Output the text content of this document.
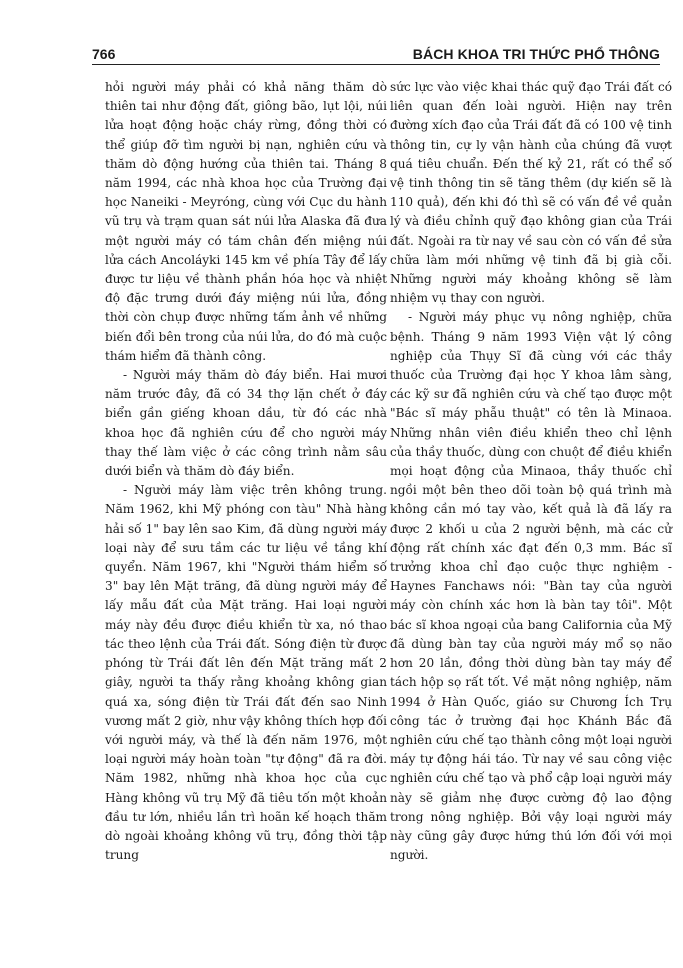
766	BÁCH KHOA TRI THỨC PHỔ THÔNG

hỏi người máy phải có khả năng thăm dò thiên tai như động đất, giông bão, lụt lội, núi lửa hoạt động hoặc cháy rừng, đồng thời có thể giúp đỡ tìm người bị nạn, nghiên cứu và thăm dò động hướng của thiên tai. Tháng 8 năm 1994, các nhà khoa học của Trường đại học Naneiki - Meyróng, cùng với Cục du hành vũ trụ và trạm quan sát núi lửa Alaska đã đưa một người máy có tám chân đến miệng núi lửa cách Ancoláyki 145 km về phía Tây để lấy được tư liệu về thành phần hóa học và nhiệt độ đặc trưng dưới đáy miệng núi lửa, đồng thời còn chụp được những tấm ảnh về những biến đổi bên trong của núi lửa, do đó mà cuộc thám hiểm đã thành công.

- Người máy thăm dò đáy biển. Hai mươi năm trước đây, đã có 34 thợ lặn chết ở đáy biển gần giếng khoan dầu, từ đó các nhà khoa học đã nghiên cứu để cho người máy thay thế làm việc ở các công trình nằm sâu dưới biển và thăm dò đáy biển.

- Người máy làm việc trên không trung. Năm 1962, khi Mỹ phóng con tàu" Nhà hàng hải số 1" bay lên sao Kim, đã dùng người máy loại này để sưu tầm các tư liệu về tầng khí quyển. Năm 1967, khi "Người thám hiểm số 3" bay lên Mặt trăng, đã dùng người máy để lấy mẫu đất của Mặt trăng. Hai loại người máy này đều được điều khiển từ xa, nó thao tác theo lệnh của Trái đất. Sóng điện từ được phóng từ Trái đất lên đến Mặt trăng mất 2 giây, người ta thấy rằng khoảng không gian quá xa, sóng điện từ Trái đất đến sao Ninh vương mất 2 giờ, như vậy không thích hợp đối với người máy, và thế là đến năm 1976, một loại người máy hoàn toàn "tự động" đã ra đời. Năm 1982, những nhà khoa học của cục Hàng không vũ trụ Mỹ đã tiêu tốn một khoản đầu tư lớn, nhiều lần trì hoãn kế hoạch thăm dò ngoài khoảng không vũ trụ, đồng thời tập trung

sức lực vào việc khai thác quỹ đạo Trái đất có liên quan đến loài người. Hiện nay trên đường xích đạo của Trái đất đã có 100 vệ tinh thông tin, cự ly vận hành của chúng đã vượt quá tiêu chuẩn. Đến thế kỷ 21, rất có thể số vệ tinh thông tin sẽ tăng thêm (dự kiến sẽ là 110 quả), đến khi đó thì sẽ có vấn đề về quản lý và điều chỉnh quỹ đạo không gian của Trái đất. Ngoài ra từ nay về sau còn có vấn đề sửa chữa làm mới những vệ tinh đã bị già cỗi. Những người máy khoảng không sẽ làm nhiệm vụ thay con người.

- Người máy phục vụ nông nghiệp, chữa bệnh. Tháng 9 năm 1993 Viện vật lý công nghiệp của Thụy Sĩ đã cùng với các thầy thuốc của Trường đại học Y khoa lâm sàng, các kỹ sư đã nghiên cứu và chế tạo được một "Bác sĩ máy phẫu thuật" có tên là Minaoa. Những nhân viên điều khiển theo chỉ lệnh của thầy thuốc, dùng con chuột để điều khiển mọi hoạt động của Minaoa, thầy thuốc chỉ ngồi một bên theo dõi toàn bộ quá trình mà không cần mó tay vào, kết quả là đã lấy ra được 2 khối u của 2 người bệnh, mà các cử động rất chính xác đạt đến 0,3 mm. Bác sĩ trưởng khoa chỉ đạo cuộc thực nghiệm - Haynes Fanchaws nói: "Bàn tay của người máy còn chính xác hơn là bàn tay tôi". Một bác sĩ khoa ngoại của bang California của Mỹ đã dùng bàn tay của người máy mổ sọ não hơn 20 lần, đồng thời dùng bàn tay máy để tách hộp sọ rất tốt. Về mặt nông nghiệp, năm 1994 ở Hàn Quốc, giáo sư Chương Ích Trụ công tác ở trường đại học Khánh Bắc đã nghiên cứu chế tạo thành công một loại người máy tự động hái táo. Từ nay về sau công việc nghiên cứu chế tạo và phổ cập loại người máy này sẽ giảm nhẹ được cường độ lao động trong nông nghiệp. Bởi vậy loại người máy này cũng gây được hứng thú lớn đối với mọi người.
